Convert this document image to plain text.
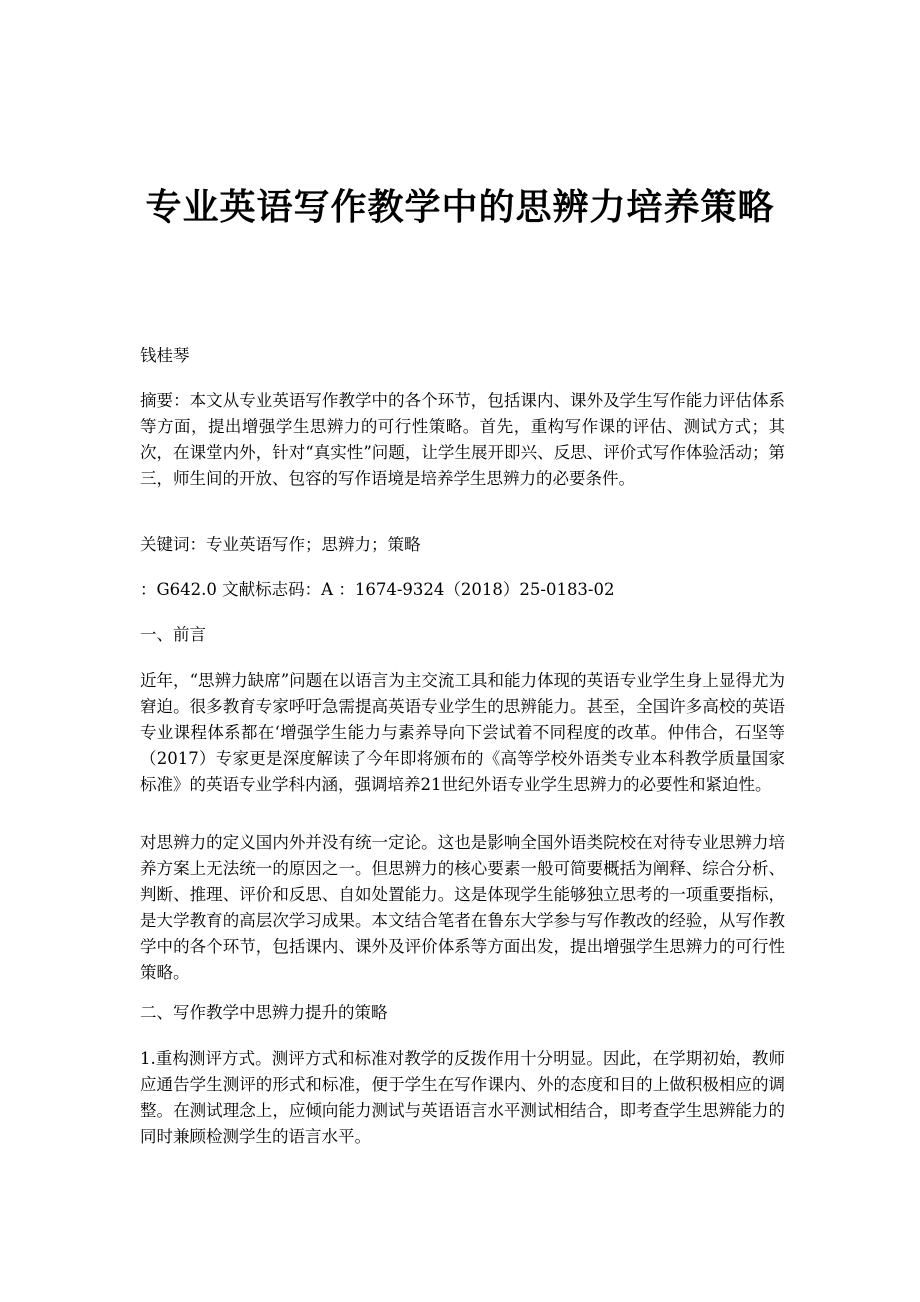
专业英语写作教学中的思辨力培养策略

钱桂琴

摘要：本文从专业英语写作教学中的各个环节，包括课内、课外及学生写作能力评估体系等方面，提出增强学生思辨力的可行性策略。首先，重构写作课的评估、测试方式；其次，在课堂内外，针对“真实性”问题，让学生展开即兴、反思、评价式写作体验活动；第三，师生间的开放、包容的写作语境是培养学生思辨力的必要条件。

关键词：专业英语写作；思辨力；策略

：G642.0 文献标志码：A ：1674-9324（2018）25-0183-02

一、前言

近年，“思辨力缺席”问题在以语言为主交流工具和能力体现的英语专业学生身上显得尤为窘迫。很多教育专家呼吁急需提高英语专业学生的思辨能力。甚至，全国许多高校的英语专业课程体系都在‘增强学生能力与素养导向下尝试着不同程度的改革。仲伟合，石坚等（2017）专家更是深度解读了今年即将颁布的《高等学校外语类专业本科教学质量国家标准》的英语专业学科内涵，强调培养21世纪外语专业学生思辨力的必要性和紧迫性。

对思辨力的定义国内外并没有统一定论。这也是影响全国外语类院校在对待专业思辨力培养方案上无法统一的原因之一。但思辨力的核心要素一般可简要概括为阐释、综合分析、判断、推理、评价和反思、自如处置能力。这是体现学生能够独立思考的一项重要指标，是大学教育的高层次学习成果。本文结合笔者在鲁东大学参与写作教改的经验，从写作教学中的各个环节，包括课内、课外及评价体系等方面出发，提出增强学生思辨力的可行性策略。

二、写作教学中思辨力提升的策略

1.重构测评方式。测评方式和标准对教学的反拨作用十分明显。因此，在学期初始，教师应通告学生测评的形式和标准，便于学生在写作课内、外的态度和目的上做积极相应的调整。在测试理念上，应倾向能力测试与英语语言水平测试相结合，即考查学生思辨能力的同时兼顾检测学生的语言水平。
